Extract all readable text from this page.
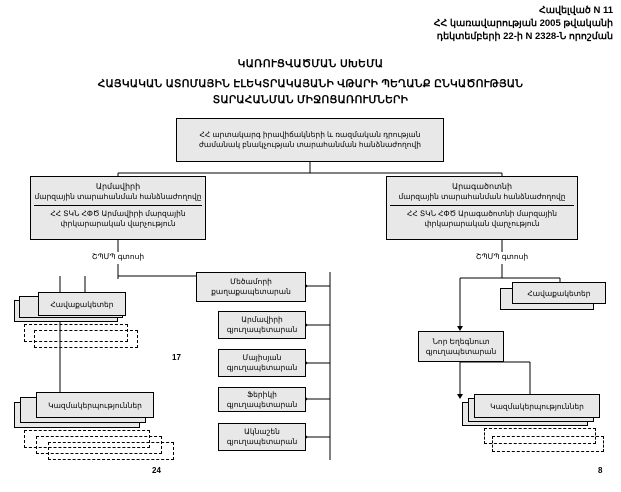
Հավելված N 11
ՀՀ կառավարության 2005 թվականի
դեկտեմբերի 22-ի N 2328-Ն որոշման
ԿԱՌՈՒՑՎԱԾՄԱՆ ՍԽԵՄԱ
ՀԱՅԿԱԿԱՆ ԱՏՈՄԱՅԻՆ ԷԼԵԿՏՐԱԿԱՅԱՆԻ ՎԹԱՐԻ ՊԵՂԱՆՔ ԸՆԿԱԾՈՒԹՅԱՆ
ՏԱՐԱՀԱՆՄԱՆ ՄԻՋՈՑԱՌՈՒՄՆԵՐԻ
ՀՀ արտակարգ իրավիճակների և ռազմական դրության ժամանակ բնակչության տարահանման հանձնաժողովի
Արմավիրի
մարզային տարահանման հանձնաժողովը
ՀՀ ՏԿՆ ՀՓԾ Արմավիրի մարզային փրկարարական վարչություն
Արագածոտնի
մարզային տարահանման հանձնաժողովը
ՀՀ ՏԿՆ ՀՓԾ Արագածոտնի մարզային փրկարարական վարչություն
ՇՊՄՊ գտոսի	ՇՊՄՊ գտոսի
Մեծամորի քաղաքապետարան
Արմավիրի գյուղապետարան
Մայիսյան գյուղապետարան
Ֆերիկի գյուղապետարան
Ակնաշեն գյուղապետարան
Նոր Եղեգնուտ գյուղապետարան
Հավաքակետեր
17
Կազմակերպություններ
24
Հավաքակետեր
Կազմակերպություններ
8
